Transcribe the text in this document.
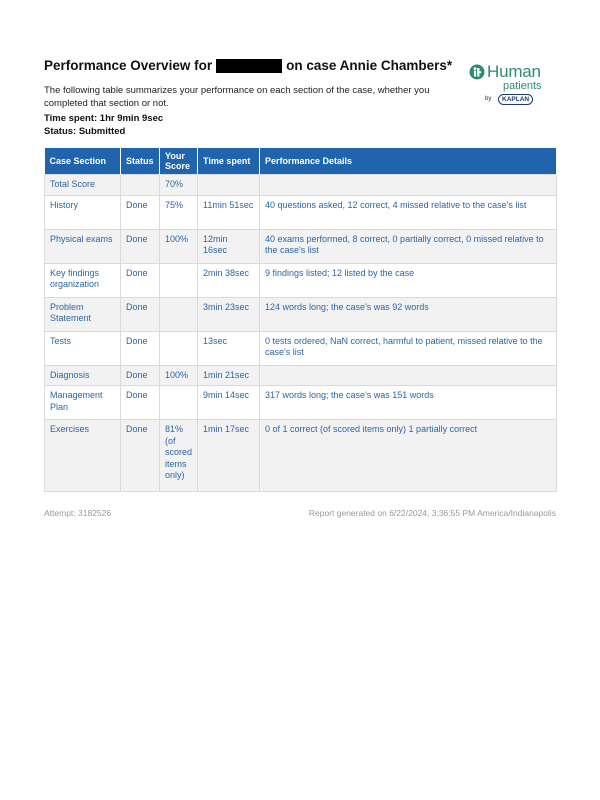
Performance Overview for	on case Annie Chambers*
The following table summarizes your performance on each section of the case, whether you completed that section or not.
Time spent: 1hr 9min 9sec
Status: Submitted
Human
patients
by	KAPLAN
Case Section	Status	Your Score	Time spent	Performance Details
Total Score		70%		
History	Done	75%	11min 51sec	40 questions asked, 12 correct, 4 missed relative to the case's list
Physical exams	Done	100%	12min 16sec	40 exams performed, 8 correct, 0 partially correct, 0 missed relative to the case's list
Key findings organization	Done		2min 38sec	9 findings listed; 12 listed by the case
Problem Statement	Done		3min 23sec	124 words long; the case's was 92 words
Tests	Done		13sec	0 tests ordered, NaN correct, harmful to patient, missed relative to the case's list
Diagnosis	Done	100%	1min 21sec	
Management Plan	Done		9min 14sec	317 words long; the case's was 151 words
Exercises	Done	81% (of scored items only)	1min 17sec	0 of 1 correct (of scored items only) 1 partially correct
Attempt: 3182526	Report generated on 6/22/2024, 3:36:55 PM America/Indianapolis
